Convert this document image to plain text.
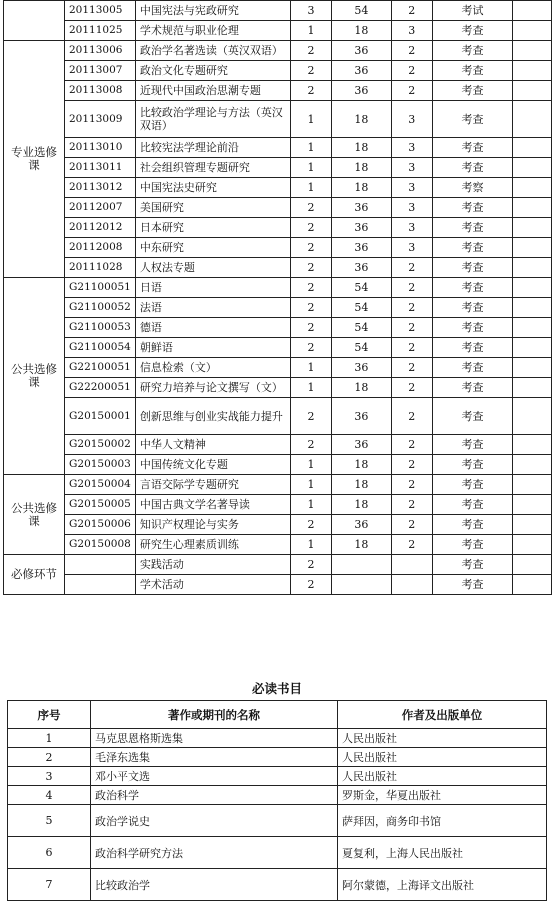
	20113005	中国宪法与宪政研究	3	54	2	考试	
	20111025	学术规范与职业伦理	1	18	3	考查	
专业选修课	20113006	政治学名著选读（英汉双语）	2	36	2	考查	
	20113007	政治文化专题研究	2	36	2	考查	
	20113008	近现代中国政治思潮专题	2	36	2	考查	
	20113009	比较政治学理论与方法（英汉双语）	1	18	3	考查	
	20113010	比较宪法学理论前沿	1	18	3	考查	
	20113011	社会组织管理专题研究	1	18	3	考查	
	20113012	中国宪法史研究	1	18	3	考察	
	20112007	美国研究	2	36	3	考查	
	20112012	日本研究	2	36	3	考查	
	20112008	中东研究	2	36	3	考查	
	20111028	人权法专题	2	36	2	考查	
公共选修课	G21100051	日语	2	54	2	考查	
	G21100052	法语	2	54	2	考查	
	G21100053	德语	2	54	2	考查	
	G21100054	朝鲜语	2	54	2	考查	
	G22100051	信息检索（文）	1	36	2	考查	
	G22200051	研究力培养与论文撰写（文）	1	18	2	考查	
	G20150001	创新思维与创业实战能力提升	2	36	2	考查	
	G20150002	中华人文精神	2	36	2	考查	
	G20150003	中国传统文化专题	1	18	2	考查	
公共选修课	G20150004	言语交际学专题研究	1	18	2	考查	
	G20150005	中国古典文学名著导读	1	18	2	考查	
	G20150006	知识产权理论与实务	2	36	2	考查	
	G20150008	研究生心理素质训练	1	18	2	考查	
必修环节		实践活动	2			考查	
		学术活动	2			考查	
必读书目
序号	著作或期刊的名称	作者及出版单位
1	马克思恩格斯选集	人民出版社
2	毛泽东选集	人民出版社
3	邓小平文选	人民出版社
4	政治科学	罗斯金，华夏出版社
5	政治学说史	萨拜因，商务印书馆
6	政治科学研究方法	夏复利，上海人民出版社
7	比较政治学	阿尔蒙德，上海译文出版社
